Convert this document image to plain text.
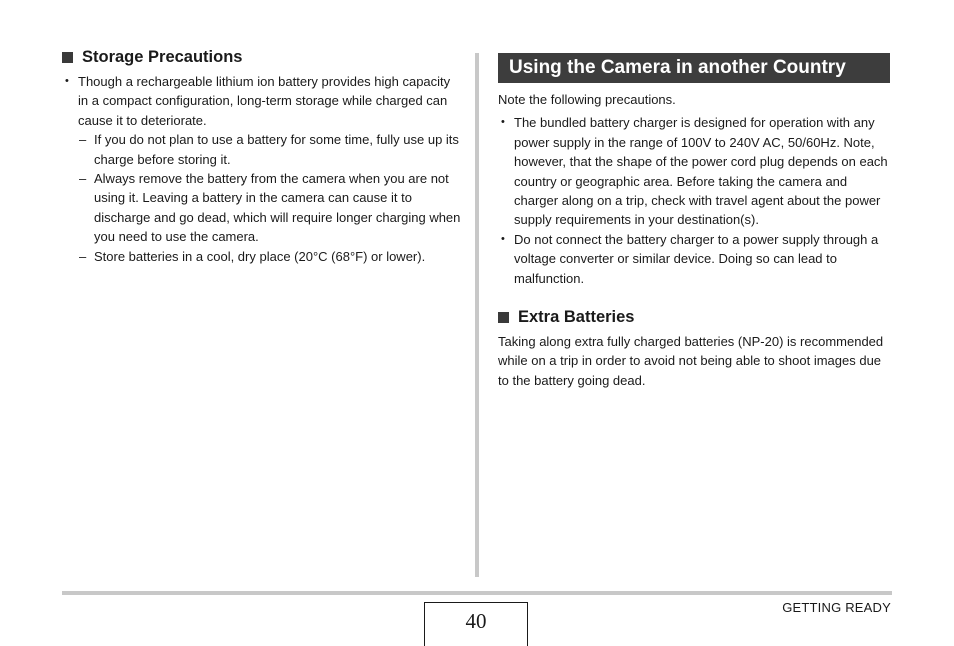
Storage Precautions
• Though a rechargeable lithium ion battery provides high capacity in a compact configuration, long-term storage while charged can cause it to deteriorate.
– If you do not plan to use a battery for some time, fully use up its charge before storing it.
– Always remove the battery from the camera when you are not using it. Leaving a battery in the camera can cause it to discharge and go dead, which will require longer charging when you need to use the camera.
– Store batteries in a cool, dry place (20°C (68°F) or lower).
Using the Camera in another Country
Note the following precautions.
• The bundled battery charger is designed for operation with any power supply in the range of 100V to 240V AC, 50/60Hz. Note, however, that the shape of the power cord plug depends on each country or geographic area. Before taking the camera and charger along on a trip, check with travel agent about the power supply requirements in your destination(s).
• Do not connect the battery charger to a power supply through a voltage converter or similar device. Doing so can lead to malfunction.
Extra Batteries
Taking along extra fully charged batteries (NP-20) is recommended while on a trip in order to avoid not being able to shoot images due to the battery going dead.
40
GETTING READY
